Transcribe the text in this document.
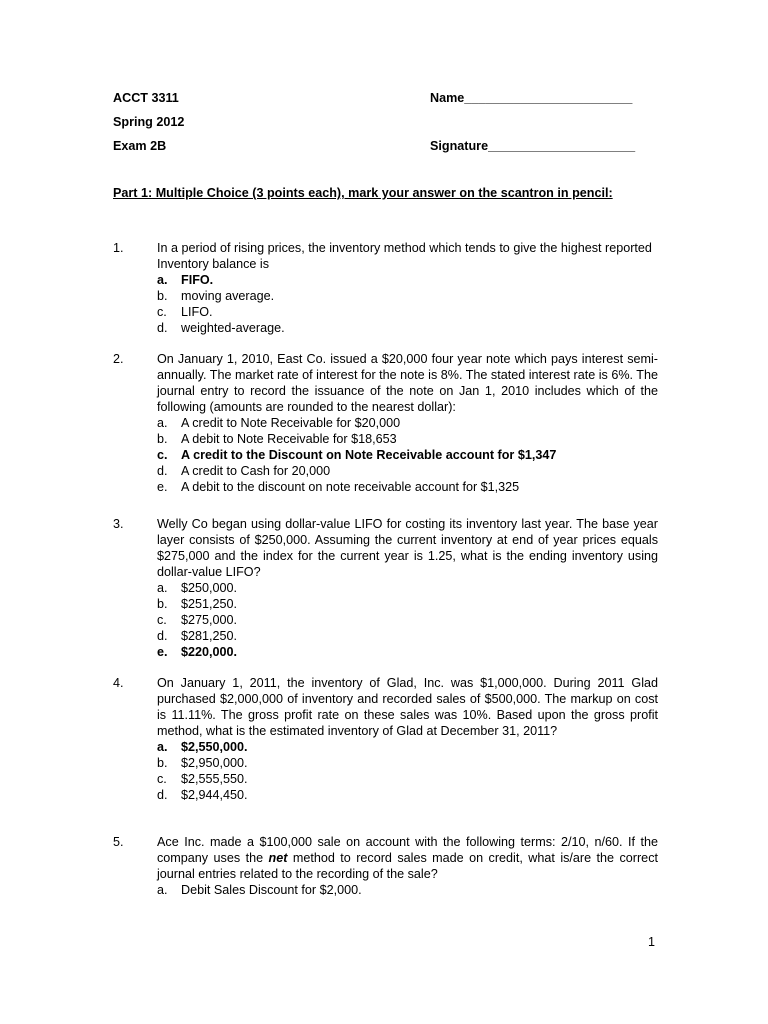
ACCT 3311	Name________________________
Spring 2012
Exam 2B	Signature_____________________
Part 1: Multiple Choice (3 points each), mark your answer on the scantron in pencil:
1.	In a period of rising prices, the inventory method which tends to give the highest reported Inventory balance is
a. FIFO.
b. moving average.
c. LIFO.
d. weighted-average.
2.	On January 1, 2010, East Co. issued a $20,000 four year note which pays interest semi-annually. The market rate of interest for the note is 8%. The stated interest rate is 6%. The journal entry to record the issuance of the note on Jan 1, 2010 includes which of the following (amounts are rounded to the nearest dollar):
a. A credit to Note Receivable for $20,000
b. A debit to Note Receivable for $18,653
c. A credit to the Discount on Note Receivable account for $1,347
d. A credit to Cash for 20,000
e. A debit to the discount on note receivable account for $1,325
3.	Welly Co began using dollar-value LIFO for costing its inventory last year. The base year layer consists of $250,000. Assuming the current inventory at end of year prices equals $275,000 and the index for the current year is 1.25, what is the ending inventory using dollar-value LIFO?
a. $250,000.
b. $251,250.
c. $275,000.
d. $281,250.
e. $220,000.
4.	On January 1, 2011, the inventory of Glad, Inc. was $1,000,000. During 2011 Glad purchased $2,000,000 of inventory and recorded sales of $500,000. The markup on cost is 11.11%. The gross profit rate on these sales was 10%. Based upon the gross profit method, what is the estimated inventory of Glad at December 31, 2011?
a. $2,550,000.
b. $2,950,000.
c. $2,555,550.
d. $2,944,450.
5.	Ace Inc. made a $100,000 sale on account with the following terms: 2/10, n/60. If the company uses the net method to record sales made on credit, what is/are the correct journal entries related to the recording of the sale?
a. Debit Sales Discount for $2,000.
1
